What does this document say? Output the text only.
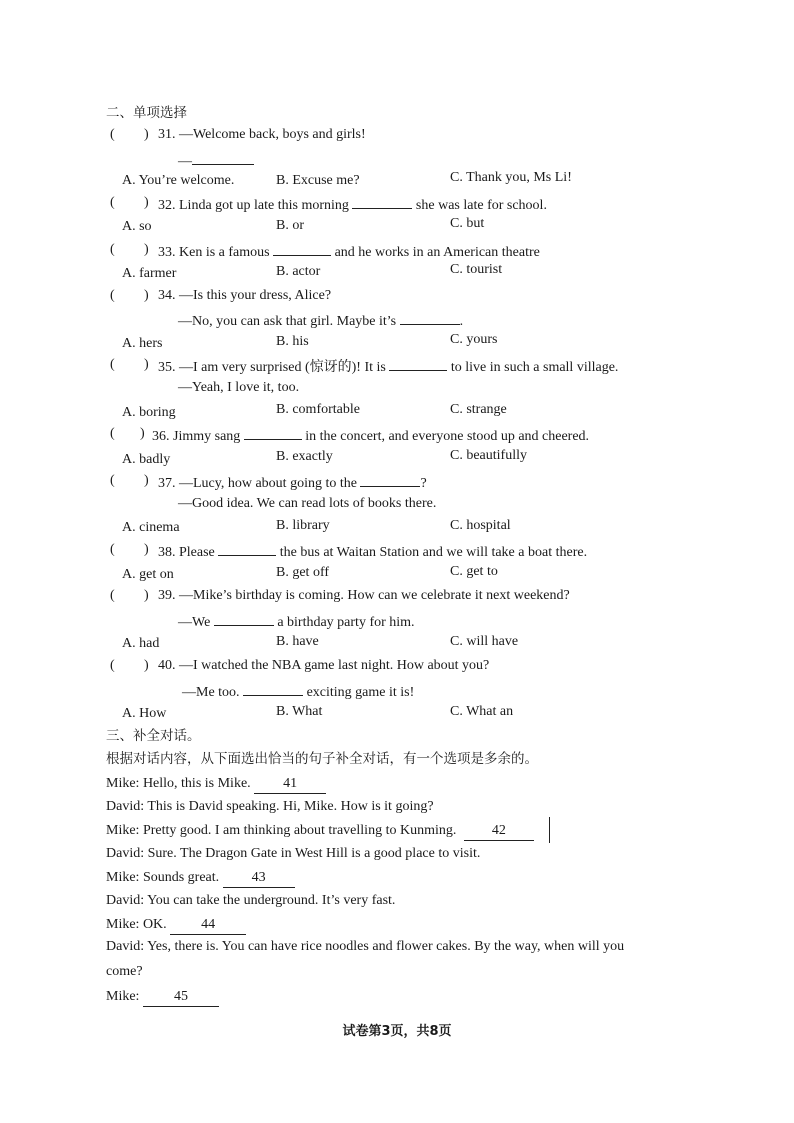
二、单项选择
( ) 31. —Welcome back, boys and girls!
—
A. You’re welcome.	B. Excuse me?	C. Thank you, Ms Li!
( ) 32. Linda got up late this morning	she was late for school.
A. so	B. or	C. but
( ) 33. Ken is a famous	and he works in an American theatre
A. farmer	B. actor	C. tourist
( ) 34. —Is this your dress, Alice?
—No, you can ask that girl. Maybe it’s	.
A. hers	B. his	C. yours
( ) 35. —I am very surprised (惊讶的)! It is	to live in such a small village.
—Yeah, I love it, too.
A. boring	B. comfortable	C. strange
( ) 36. Jimmy sang	in the concert, and everyone stood up and cheered.
A. badly	B. exactly	C. beautifully
( ) 37. —Lucy, how about going to the	?
—Good idea. We can read lots of books there.
A. cinema	B. library	C. hospital
( ) 38. Please	the bus at Waitan Station and we will take a boat there.
A. get on	B. get off	C. get to
( ) 39. —Mike’s birthday is coming. How can we celebrate it next weekend?
—We	a birthday party for him.
A. had	B. have	C. will have
( ) 40. —I watched the NBA game last night. How about you?
—Me too.	exciting game it is!
A. How	B. What	C. What an
三、补全对话。
根据对话内容，从下面选出恰当的句子补全对话，有一个选项是多余的。
Mike: Hello, this is Mike. 41
David: This is David speaking. Hi, Mike. How is it going?
Mike: Pretty good. I am thinking about travelling to Kunming.	42
David: Sure. The Dragon Gate in West Hill is a good place to visit.
Mike: Sounds great. 43
David: You can take the underground. It’s very fast.
Mike: OK. 44
David: Yes, there is. You can have rice noodles and flower cakes. By the way, when will you
come?
Mike: 45
试卷第3页，共8页
